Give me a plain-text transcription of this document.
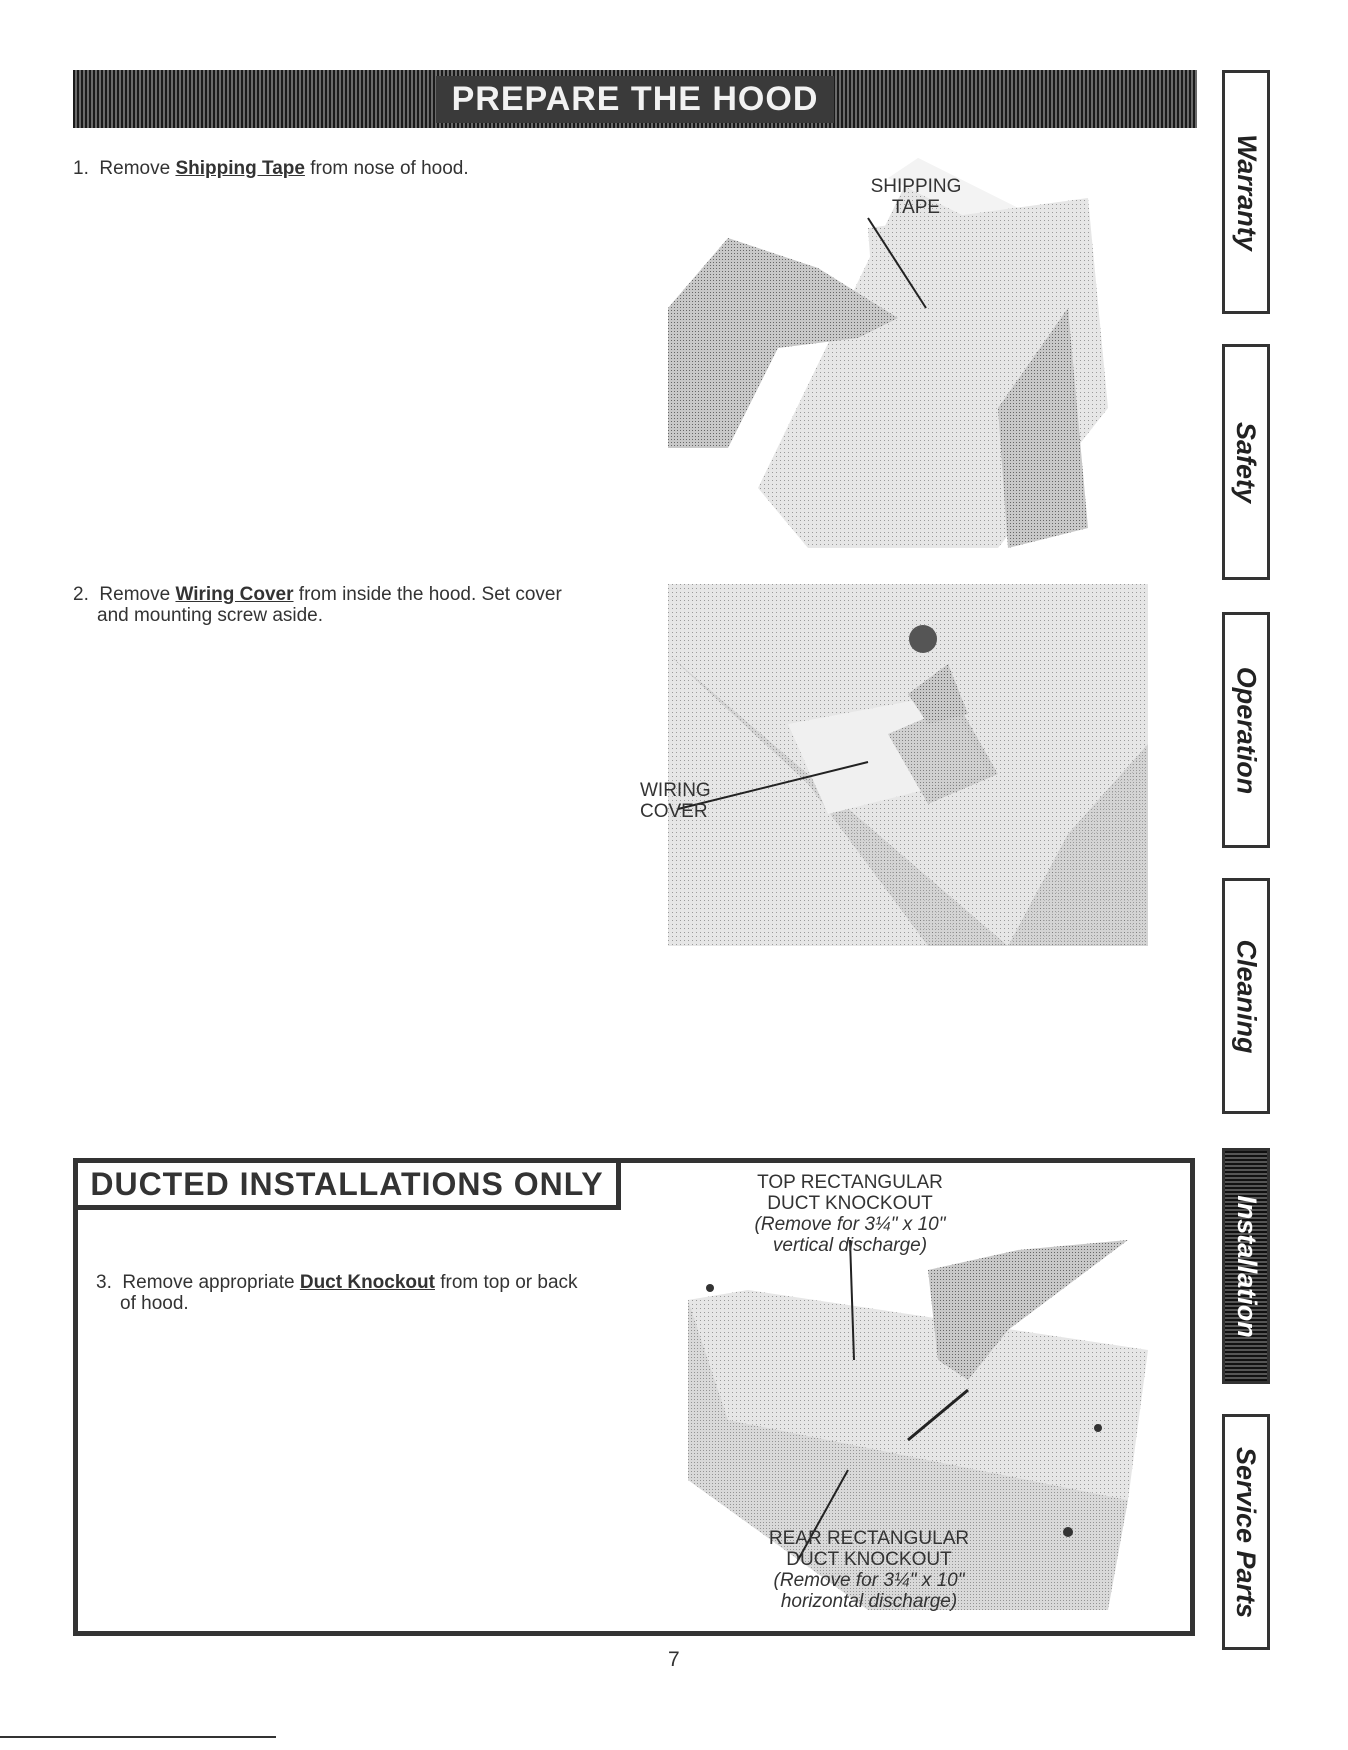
PREPARE THE HOOD
1. Remove Shipping Tape from nose of hood.
SHIPPING
TAPE
2. Remove Wiring Cover from inside the hood. Set cover
and mounting screw aside.
WIRING
COVER
DUCTED INSTALLATIONS ONLY
3. Remove appropriate Duct Knockout from top or back
of hood.
TOP RECTANGULAR
DUCT KNOCKOUT
(Remove for 3¼" x 10"
vertical discharge)
REAR RECTANGULAR
DUCT KNOCKOUT
(Remove for 3¼" x 10"
horizontal discharge)
Warranty
Safety
Operation
Cleaning
Installation
Service Parts
7
